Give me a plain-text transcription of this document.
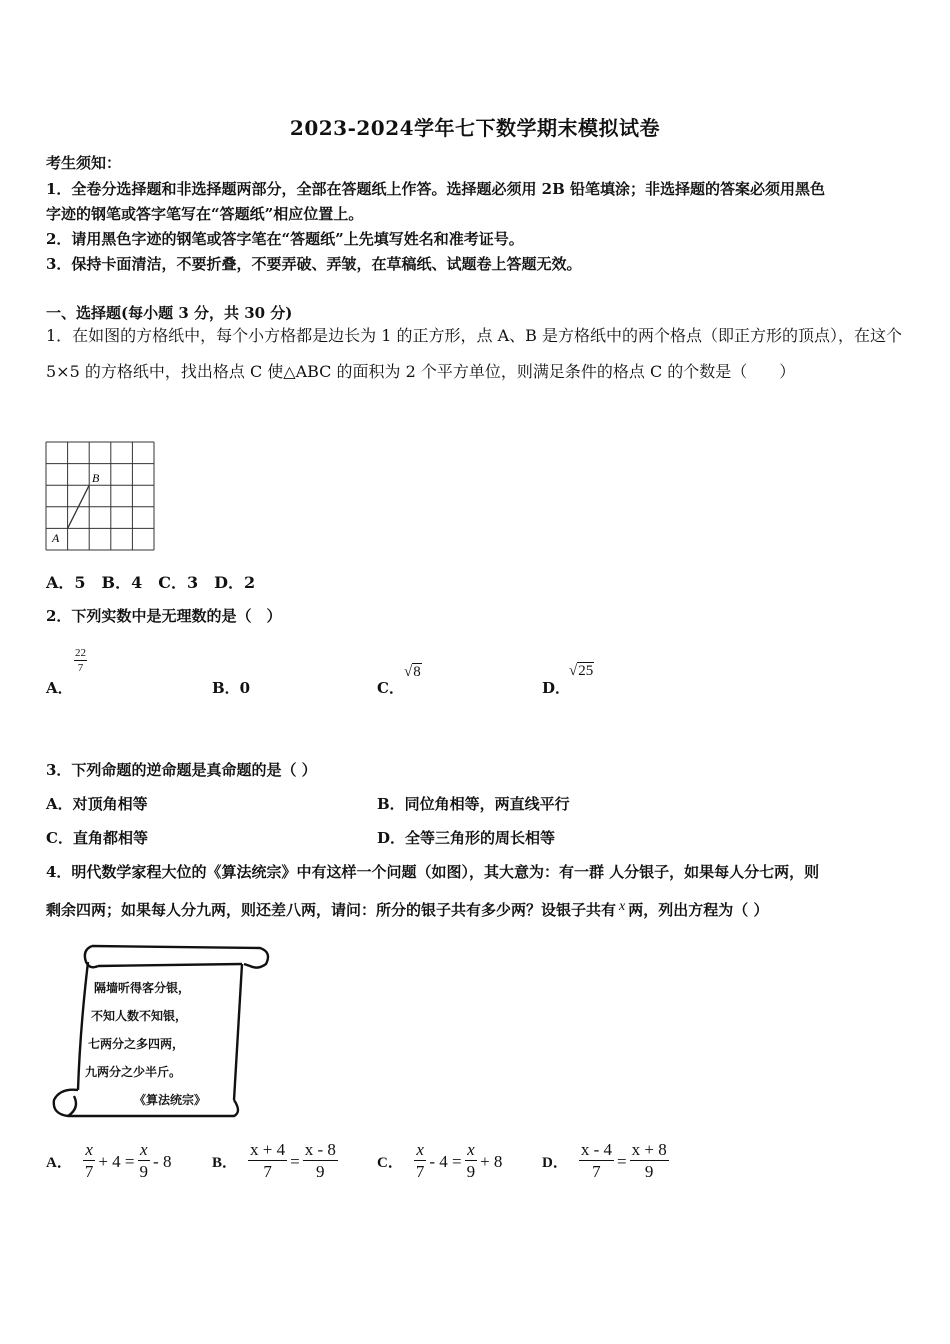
2023-2024学年七下数学期末模拟试卷
考生须知：
1．全卷分选择题和非选择题两部分，全部在答题纸上作答。选择题必须用 2B 铅笔填涂；非选择题的答案必须用黑色
字迹的钢笔或答字笔写在“答题纸”相应位置上。
2．请用黑色字迹的钢笔或答字笔在“答题纸”上先填写姓名和准考证号。
3．保持卡面清洁，不要折叠，不要弄破、弄皱，在草稿纸、试题卷上答题无效。
一、选择题(每小题 3 分，共 30 分)
1．在如图的方格纸中，每个小方格都是边长为 1 的正方形，点 A、B 是方格纸中的两个格点（即正方形的顶点），在这个 5×5 的方格纸中，找出格点 C 使△ABC 的面积为 2 个平方单位，则满足条件的格点 C 的个数是（　　）
A
B
A．5　B．4　C．3　D．2
2．下列实数中是无理数的是（　）
A．
$\frac{22}{7}$
B．0	C．
√8
D．
√25
3．下列命题的逆命题是真命题的是（ ）
A．对顶角相等	B．同位角相等，两直线平行
C．直角都相等	D．全等三角形的周长相等
4．明代数学家程大位的《算法统宗》中有这样一个问题（如图），其大意为：有一群 人分银子，如果每人分七两，则
剩余四两；如果每人分九两，则还差八两，请问：所分的银子共有多少两？设银子共有 x 两，列出方程为（ ）
隔墙听得客分银，
不知人数不知银，
七两分之多四两，
九两分之少半斤。
《算法统宗》
A． $\frac{x}{7} + 4 = \frac{x}{9} - 8$	B． $\frac{x + 4}{7} = \frac{x - 8}{9}$	C． $\frac{x}{7} - 4 = \frac{x}{9} + 8$	D． $\frac{x - 4}{7} = \frac{x + 8}{9}$
